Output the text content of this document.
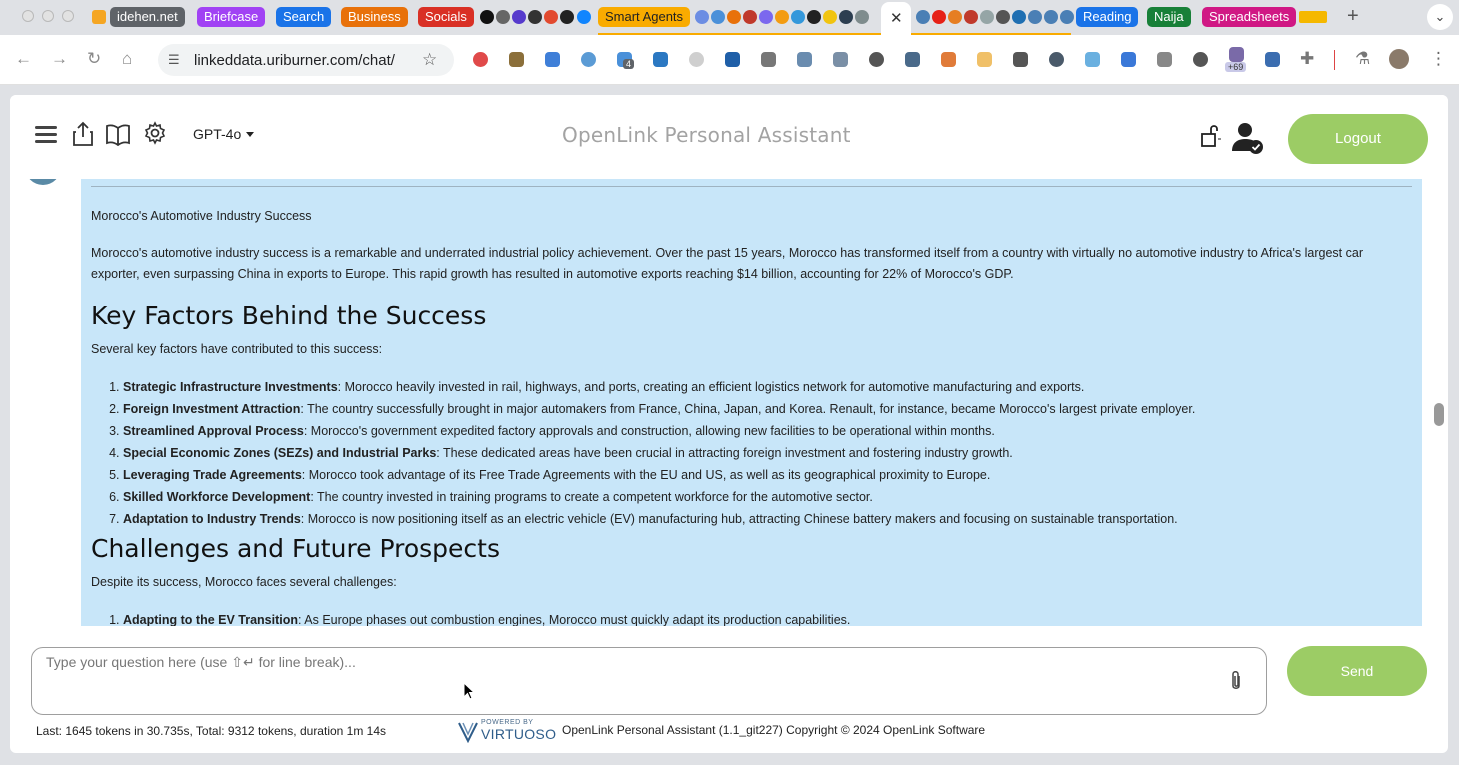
idehen.net	Briefcase	Search	Business	Socials	Smart Agents	✕	Reading	Naija	Spreadsheets	+	⌄
← → ↻ ⌂	☰ linkeddata.uriburner.com/chat/ ☆	4	+69	✚ ⚗	⋮
GPT-4o	OpenLink Personal Assistant	Logout

Morocco's Automotive Industry Success

Morocco's automotive industry success is a remarkable and underrated industrial policy achievement. Over the past 15 years, Morocco has transformed itself from a country with virtually no automotive industry to Africa's largest car exporter, even surpassing China in exports to Europe. This rapid growth has resulted in automotive exports reaching $14 billion, accounting for 22% of Morocco's GDP.

Key Factors Behind the Success

Several key factors have contributed to this success:

1. Strategic Infrastructure Investments: Morocco heavily invested in rail, highways, and ports, creating an efficient logistics network for automotive manufacturing and exports.
2. Foreign Investment Attraction: The country successfully brought in major automakers from France, China, Japan, and Korea. Renault, for instance, became Morocco's largest private employer.
3. Streamlined Approval Process: Morocco's government expedited factory approvals and construction, allowing new facilities to be operational within months.
4. Special Economic Zones (SEZs) and Industrial Parks: These dedicated areas have been crucial in attracting foreign investment and fostering industry growth.
5. Leveraging Trade Agreements: Morocco took advantage of its Free Trade Agreements with the EU and US, as well as its geographical proximity to Europe.
6. Skilled Workforce Development: The country invested in training programs to create a competent workforce for the automotive sector.
7. Adaptation to Industry Trends: Morocco is now positioning itself as an electric vehicle (EV) manufacturing hub, attracting Chinese battery makers and focusing on sustainable transportation.
Challenges and Future Prospects

Despite its success, Morocco faces several challenges:

1. Adapting to the EV Transition: As Europe phases out combustion engines, Morocco must quickly adapt its production capabilities.
Type your question here (use ⇧↵ for line break)...
Send
Last: 1645 tokens in 30.735s, Total: 9312 tokens, duration 1m 14s
POWERED BY
VIRTUOSO OpenLink Personal Assistant (1.1_git227) Copyright © 2024 OpenLink Software
